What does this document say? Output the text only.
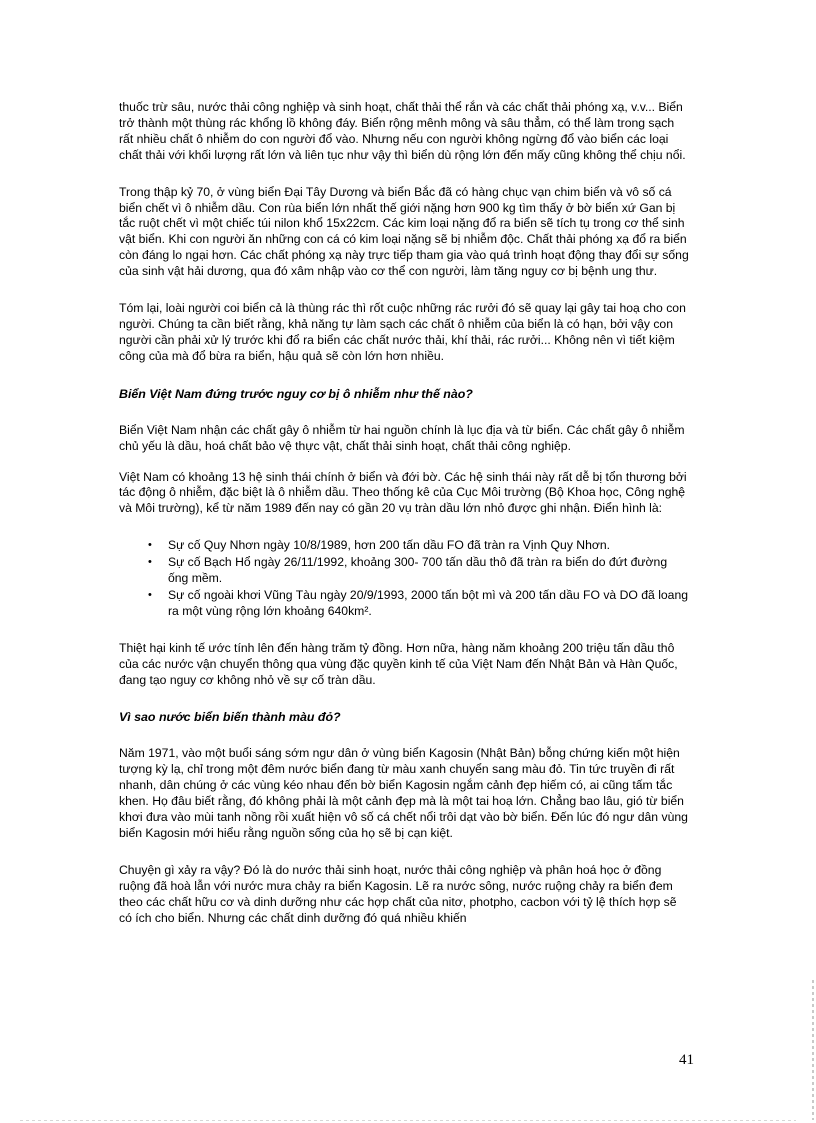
thuốc trừ sâu, nước thải công nghiệp và sinh hoạt, chất thải thể rắn và các chất thải phóng xạ, v.v... Biển trở thành một thùng rác khổng lồ không đáy. Biển rộng mênh mông và sâu thẳm, có thể làm trong sạch rất nhiều chất ô nhiễm do con người đổ vào. Nhưng nếu con người không ngừng đổ vào biển các loại chất thải với khối lượng rất lớn và liên tục như vậy thì biển dù rộng lớn đến mấy cũng không thể chịu nổi.

Trong thập kỷ 70, ở vùng biển Đại Tây Dương và biển Bắc đã có hàng chục vạn chim biển và vô số cá biển chết vì ô nhiễm dầu. Con rùa biển lớn nhất thế giới nặng hơn 900 kg tìm thấy ở bờ biển xứ Gan bị tắc ruột chết vì một chiếc túi nilon khổ 15x22cm. Các kim loại nặng đổ ra biển sẽ tích tụ trong cơ thể sinh vật biển. Khi con người ăn những con cá có kim loại nặng sẽ bị nhiễm độc. Chất thải phóng xạ đổ ra biển còn đáng lo ngại hơn. Các chất phóng xạ này trực tiếp tham gia vào quá trình hoạt động thay đổi sự sống của sinh vật hải dương, qua đó xâm nhập vào cơ thể con người, làm tăng nguy cơ bị bệnh ung thư.

Tóm lại, loài người coi biển cả là thùng rác thì rốt cuộc những rác rưởi đó sẽ quay lại gây tai hoạ cho con người. Chúng ta cần biết rằng, khả năng tự làm sạch các chất ô nhiễm của biển là có hạn, bởi vậy con người cần phải xử lý trước khi đổ ra biển các chất nước thải, khí thải, rác rưởi... Không nên vì tiết kiệm công của mà đổ bừa ra biển, hậu quả sẽ còn lớn hơn nhiều.

Biển Việt Nam đứng trước nguy cơ bị ô nhiễm như thế nào?

Biển Việt Nam nhận các chất gây ô nhiễm từ hai nguồn chính là lục địa và từ biển. Các chất gây ô nhiễm chủ yếu là dầu, hoá chất bảo vệ thực vật, chất thải sinh hoạt, chất thải công nghiệp.

Việt Nam có khoảng 13 hệ sinh thái chính ở biển và đới bờ. Các hệ sinh thái này rất dễ bị tổn thương bởi tác động ô nhiễm, đặc biệt là ô nhiễm dầu. Theo thống kê của Cục Môi trường (Bộ Khoa học, Công nghệ và Môi trường), kể từ năm 1989 đến nay có gần 20 vụ tràn dầu lớn nhỏ được ghi nhận. Điển hình là:

• Sự cố Quy Nhơn ngày 10/8/1989, hơn 200 tấn dầu FO đã tràn ra Vịnh Quy Nhơn.
• Sự cố Bạch Hổ ngày 26/11/1992, khoảng 300- 700 tấn dầu thô đã tràn ra biển do đứt đường ống mềm.
• Sự cố ngoài khơi Vũng Tàu ngày 20/9/1993, 2000 tấn bột mì và 200 tấn dầu FO và DO đã loang ra một vùng rộng lớn khoảng 640km².

Thiệt hại kinh tế ước tính lên đến hàng trăm tỷ đồng. Hơn nữa, hàng năm khoảng 200 triệu tấn dầu thô của các nước vận chuyển thông qua vùng đặc quyền kinh tế của Việt Nam đến Nhật Bản và Hàn Quốc, đang tạo nguy cơ không nhỏ về sự cố tràn dầu.

Vì sao nước biển biến thành màu đỏ?

Năm 1971, vào một buổi sáng sớm ngư dân ở vùng biển Kagosin (Nhật Bản) bỗng chứng kiến một hiện tượng kỳ lạ, chỉ trong một đêm nước biển đang từ màu xanh chuyển sang màu đỏ. Tin tức truyền đi rất nhanh, dân chúng ở các vùng kéo nhau đến bờ biển Kagosin ngắm cảnh đẹp hiếm có, ai cũng tấm tắc khen. Họ đâu biết rằng, đó không phải là một cảnh đẹp mà là một tai hoạ lớn. Chẳng bao lâu, gió từ biển khơi đưa vào mùi tanh nồng rồi xuất hiện vô số cá chết nổi trôi dạt vào bờ biển. Đến lúc đó ngư dân vùng biển Kagosin mới hiểu rằng nguồn sống của họ sẽ bị cạn kiệt.

Chuyện gì xảy ra vậy? Đó là do nước thải sinh hoạt, nước thải công nghiệp và phân hoá học ở đồng ruộng đã hoà lẫn với nước mưa chảy ra biển Kagosin. Lẽ ra nước sông, nước ruộng chảy ra biển đem theo các chất hữu cơ và dinh dưỡng như các hợp chất của nitơ, photpho, cacbon với tỷ lệ thích hợp sẽ có ích cho biển. Nhưng các chất dinh dưỡng đó quá nhiều khiến

41
